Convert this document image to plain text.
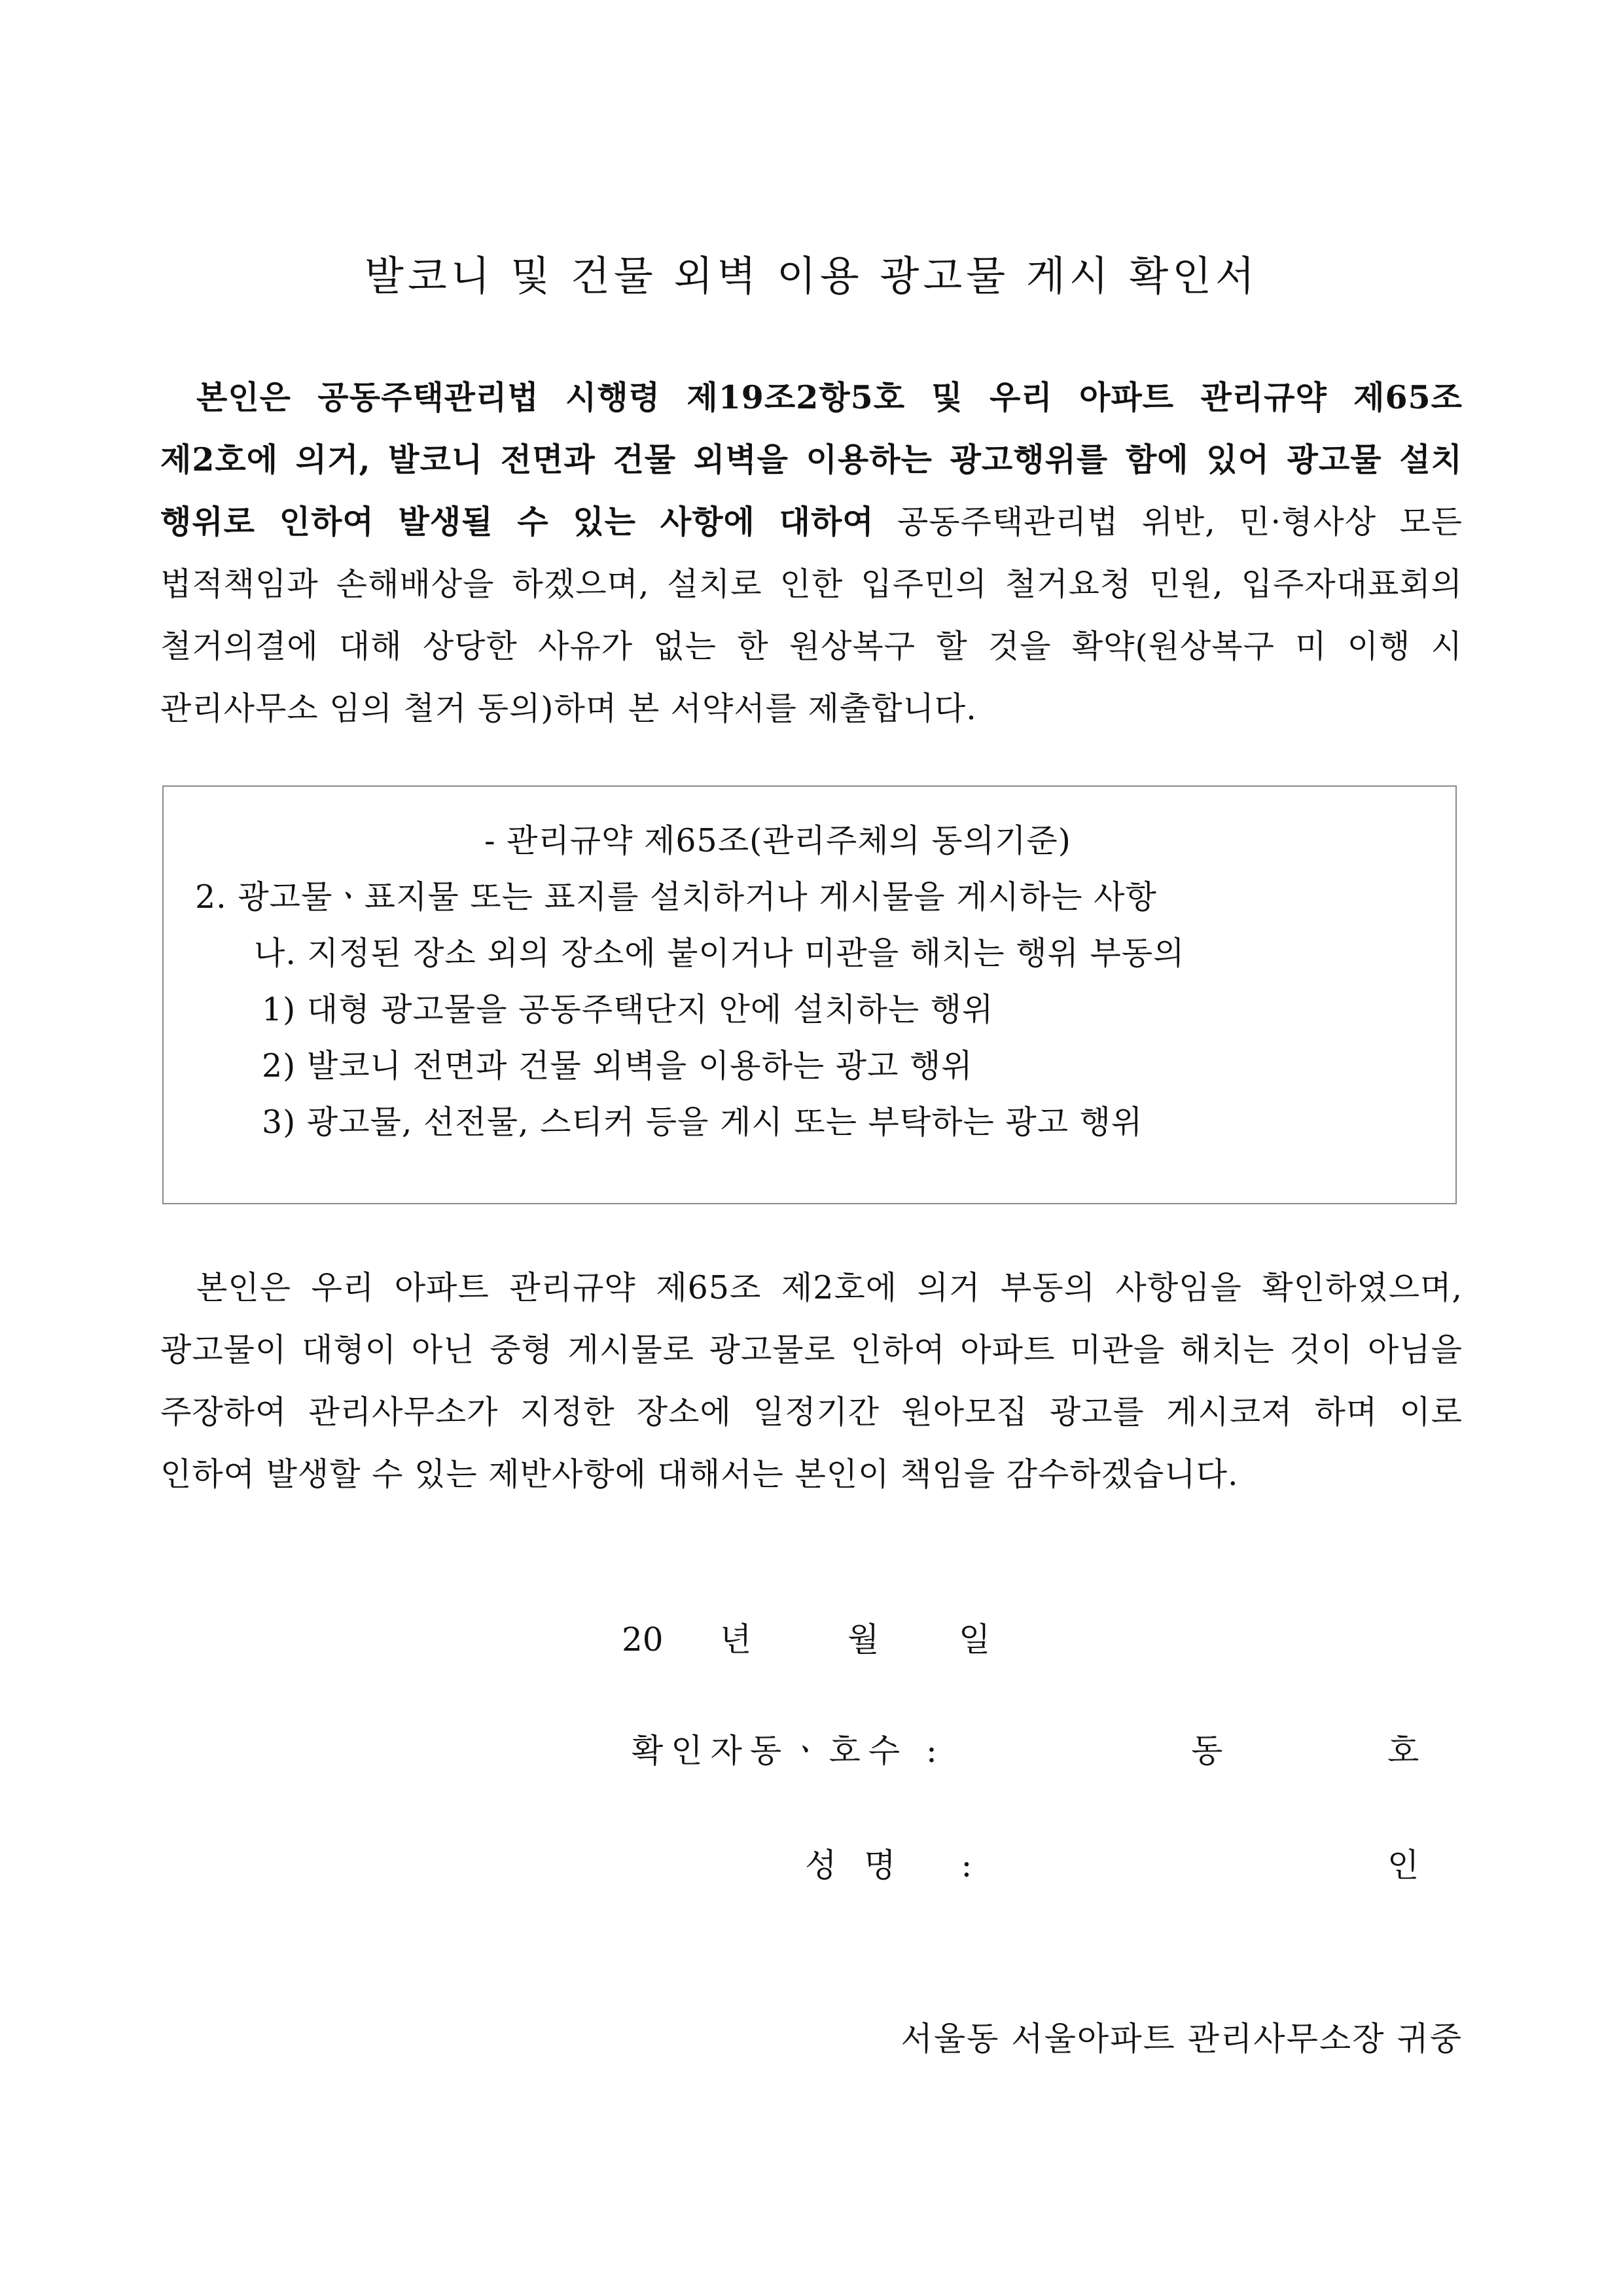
발코니 및 건물 외벽 이용 광고물 게시 확인서

본인은 공동주택관리법 시행령 제19조2항5호 및 우리 아파트 관리규약 제65조 제2호에 의거, 발코니 전면과 건물 외벽을 이용하는 광고행위를 함에 있어 광고물 설치 행위로 인하여 발생될 수 있는 사항에 대하여 공동주택관리법 위반, 민·형사상 모든 법적책임과 손해배상을 하겠으며, 설치로 인한 입주민의 철거요청 민원, 입주자대표회의 철거의결에 대해 상당한 사유가 없는 한 원상복구 할 것을 확약(원상복구 미 이행 시 관리사무소 임의 철거 동의)하며 본 서약서를 제출합니다.

- 관리규약 제65조(관리주체의 동의기준)
2. 광고물ㆍ표지물 또는 표지를 설치하거나 게시물을 게시하는 사항
나. 지정된 장소 외의 장소에 붙이거나 미관을 해치는 행위 부동의
1) 대형 광고물을 공동주택단지 안에 설치하는 행위
2) 발코니 전면과 건물 외벽을 이용하는 광고 행위
3) 광고물, 선전물, 스티커 등을 게시 또는 부탁하는 광고 행위

본인은 우리 아파트 관리규약 제65조 제2호에 의거 부동의 사항임을 확인하였으며, 광고물이 대형이 아닌 중형 게시물로 광고물로 인하여 아파트 미관을 해치는 것이 아님을 주장하여 관리사무소가 지정한 장소에 일정기간 원아모집 광고를 게시코져 하며 이로 인하여 발생할 수 있는 제반사항에 대해서는 본인이 책임을 감수하겠습니다.

20 년	월 일
확인자동ㆍ호수 :	동	호
성명 :	인
서울동 서울아파트 관리사무소장 귀중
